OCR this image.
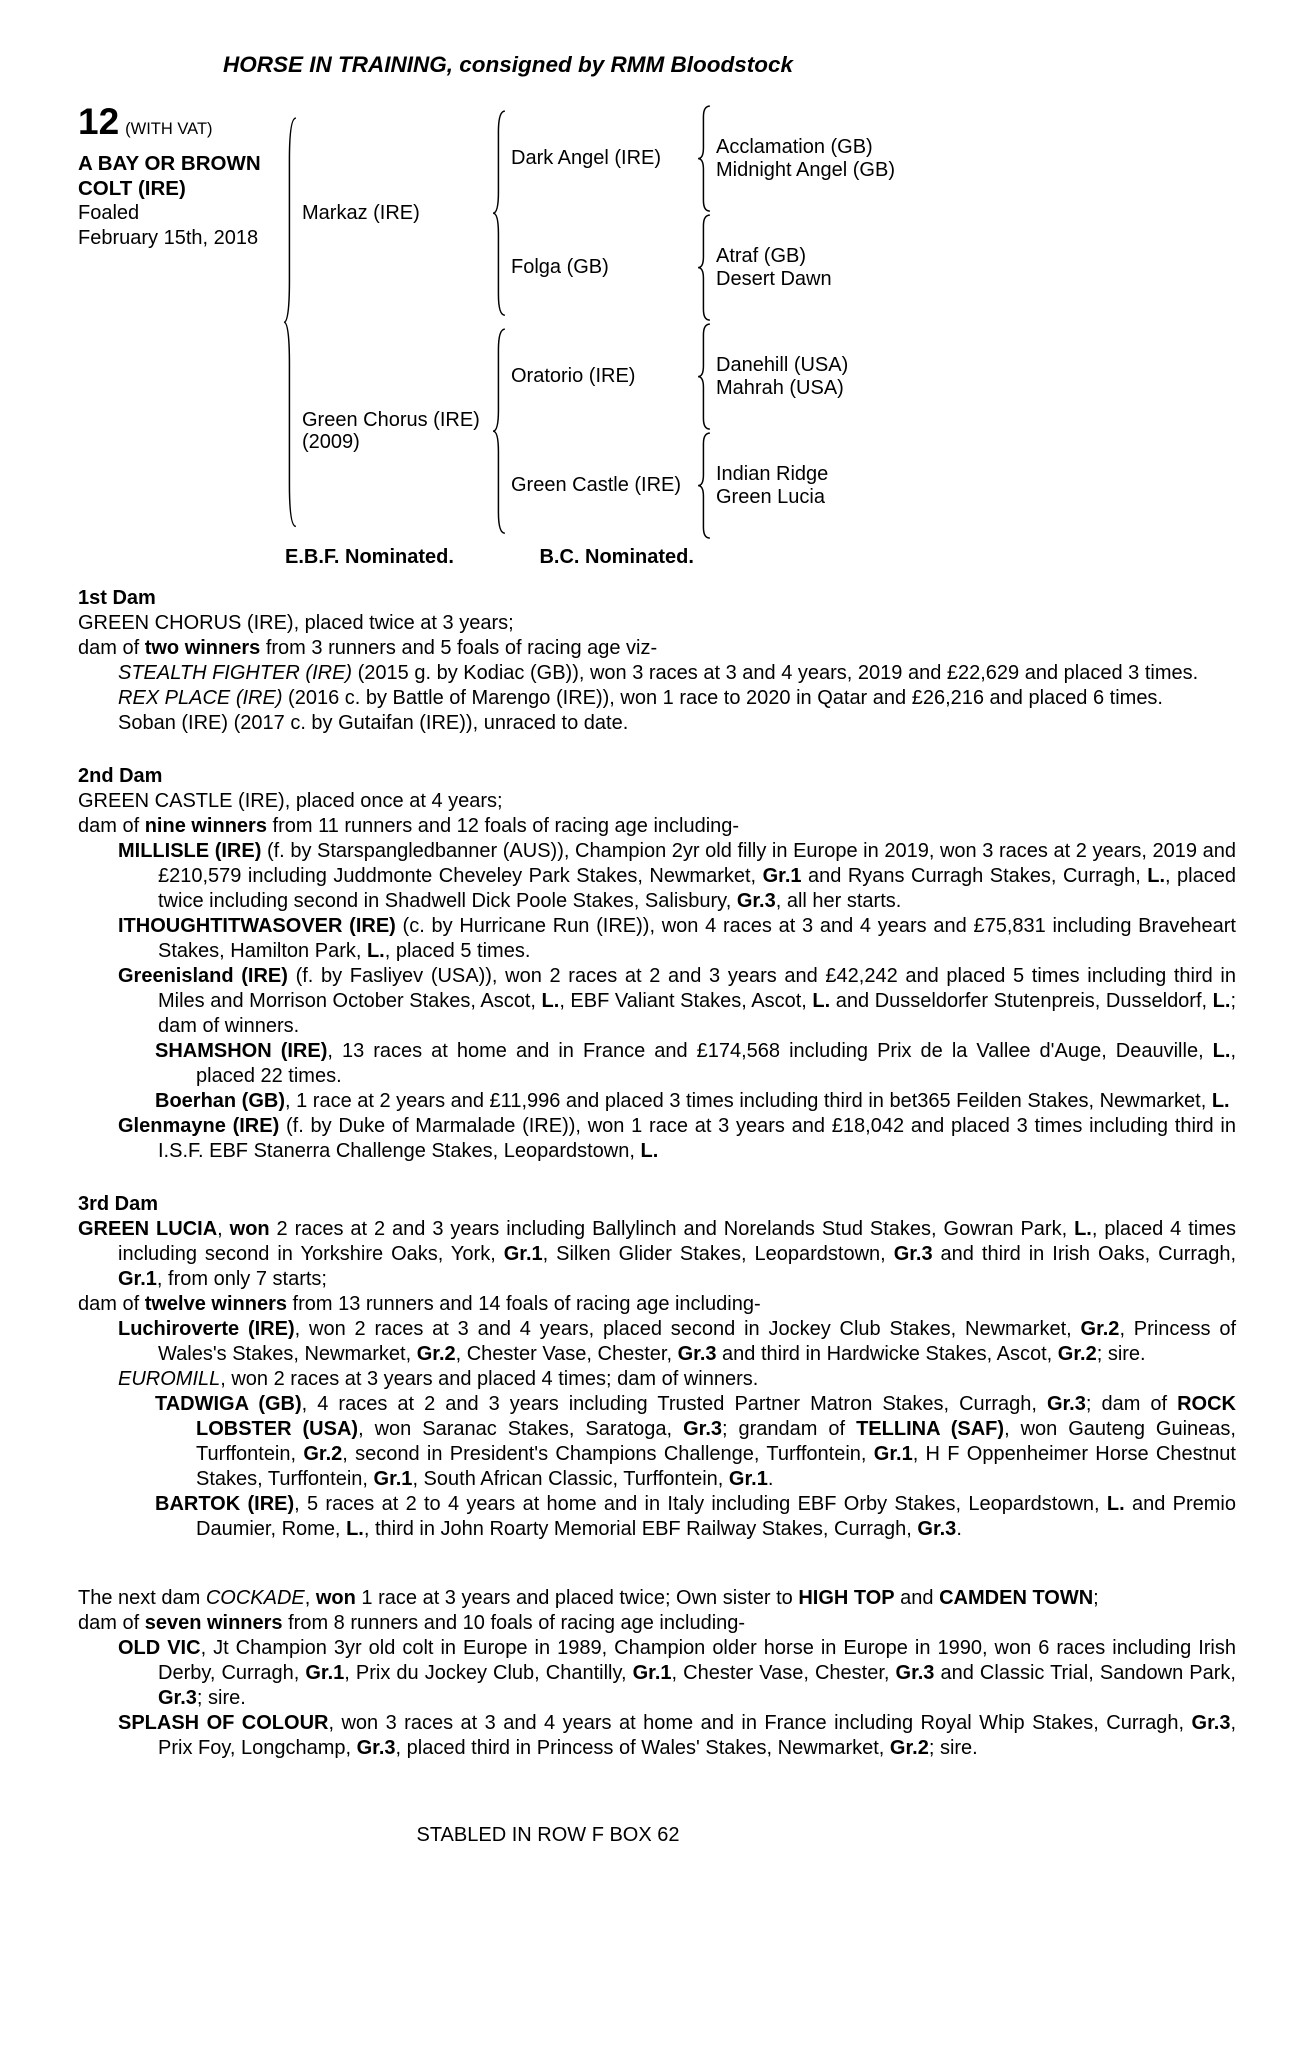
HORSE IN TRAINING, consigned by RMM Bloodstock
12 (WITH VAT)
A BAY OR BROWN
COLT (IRE)
Foaled
February 15th, 2018
Markaz (IRE)
Dark Angel (IRE)
Acclamation (GB)
Midnight Angel (GB)
Folga (GB)
Atraf (GB)
Desert Dawn
Green Chorus (IRE)
(2009)
Oratorio (IRE)
Danehill (USA)
Mahrah (USA)
Green Castle (IRE)
Indian Ridge
Green Lucia
E.B.F. Nominated.	B.C. Nominated.
1st Dam
GREEN CHORUS (IRE), placed twice at 3 years;
dam of two winners from 3 runners and 5 foals of racing age viz-
STEALTH FIGHTER (IRE) (2015 g. by Kodiac (GB)), won 3 races at 3 and 4 years, 2019 and £22,629 and placed 3 times.
REX PLACE (IRE) (2016 c. by Battle of Marengo (IRE)), won 1 race to 2020 in Qatar and £26,216 and placed 6 times.
Soban (IRE) (2017 c. by Gutaifan (IRE)), unraced to date.
2nd Dam
GREEN CASTLE (IRE), placed once at 4 years;
dam of nine winners from 11 runners and 12 foals of racing age including-
MILLISLE (IRE) (f. by Starspangledbanner (AUS)), Champion 2yr old filly in Europe in 2019, won 3 races at 2 years, 2019 and £210,579 including Juddmonte Cheveley Park Stakes, Newmarket, Gr.1 and Ryans Curragh Stakes, Curragh, L., placed twice including second in Shadwell Dick Poole Stakes, Salisbury, Gr.3, all her starts.
ITHOUGHTITWASOVER (IRE) (c. by Hurricane Run (IRE)), won 4 races at 3 and 4 years and £75,831 including Braveheart Stakes, Hamilton Park, L., placed 5 times.
Greenisland (IRE) (f. by Fasliyev (USA)), won 2 races at 2 and 3 years and £42,242 and placed 5 times including third in Miles and Morrison October Stakes, Ascot, L., EBF Valiant Stakes, Ascot, L. and Dusseldorfer Stutenpreis, Dusseldorf, L.; dam of winners.
SHAMSHON (IRE), 13 races at home and in France and £174,568 including Prix de la Vallee d'Auge, Deauville, L., placed 22 times.
Boerhan (GB), 1 race at 2 years and £11,996 and placed 3 times including third in bet365 Feilden Stakes, Newmarket, L.
Glenmayne (IRE) (f. by Duke of Marmalade (IRE)), won 1 race at 3 years and £18,042 and placed 3 times including third in I.S.F. EBF Stanerra Challenge Stakes, Leopardstown, L.
3rd Dam
GREEN LUCIA, won 2 races at 2 and 3 years including Ballylinch and Norelands Stud Stakes, Gowran Park, L., placed 4 times including second in Yorkshire Oaks, York, Gr.1, Silken Glider Stakes, Leopardstown, Gr.3 and third in Irish Oaks, Curragh, Gr.1, from only 7 starts;
dam of twelve winners from 13 runners and 14 foals of racing age including-
Luchiroverte (IRE), won 2 races at 3 and 4 years, placed second in Jockey Club Stakes, Newmarket, Gr.2, Princess of Wales's Stakes, Newmarket, Gr.2, Chester Vase, Chester, Gr.3 and third in Hardwicke Stakes, Ascot, Gr.2; sire.
EUROMILL, won 2 races at 3 years and placed 4 times; dam of winners.
TADWIGA (GB), 4 races at 2 and 3 years including Trusted Partner Matron Stakes, Curragh, Gr.3; dam of ROCK LOBSTER (USA), won Saranac Stakes, Saratoga, Gr.3; grandam of TELLINA (SAF), won Gauteng Guineas, Turffontein, Gr.2, second in President's Champions Challenge, Turffontein, Gr.1, H F Oppenheimer Horse Chestnut Stakes, Turffontein, Gr.1, South African Classic, Turffontein, Gr.1.
BARTOK (IRE), 5 races at 2 to 4 years at home and in Italy including EBF Orby Stakes, Leopardstown, L. and Premio Daumier, Rome, L., third in John Roarty Memorial EBF Railway Stakes, Curragh, Gr.3.
The next dam COCKADE, won 1 race at 3 years and placed twice; Own sister to HIGH TOP and CAMDEN TOWN;
dam of seven winners from 8 runners and 10 foals of racing age including-
OLD VIC, Jt Champion 3yr old colt in Europe in 1989, Champion older horse in Europe in 1990, won 6 races including Irish Derby, Curragh, Gr.1, Prix du Jockey Club, Chantilly, Gr.1, Chester Vase, Chester, Gr.3 and Classic Trial, Sandown Park, Gr.3; sire.
SPLASH OF COLOUR, won 3 races at 3 and 4 years at home and in France including Royal Whip Stakes, Curragh, Gr.3, Prix Foy, Longchamp, Gr.3, placed third in Princess of Wales' Stakes, Newmarket, Gr.2; sire.
STABLED IN ROW F BOX 62
